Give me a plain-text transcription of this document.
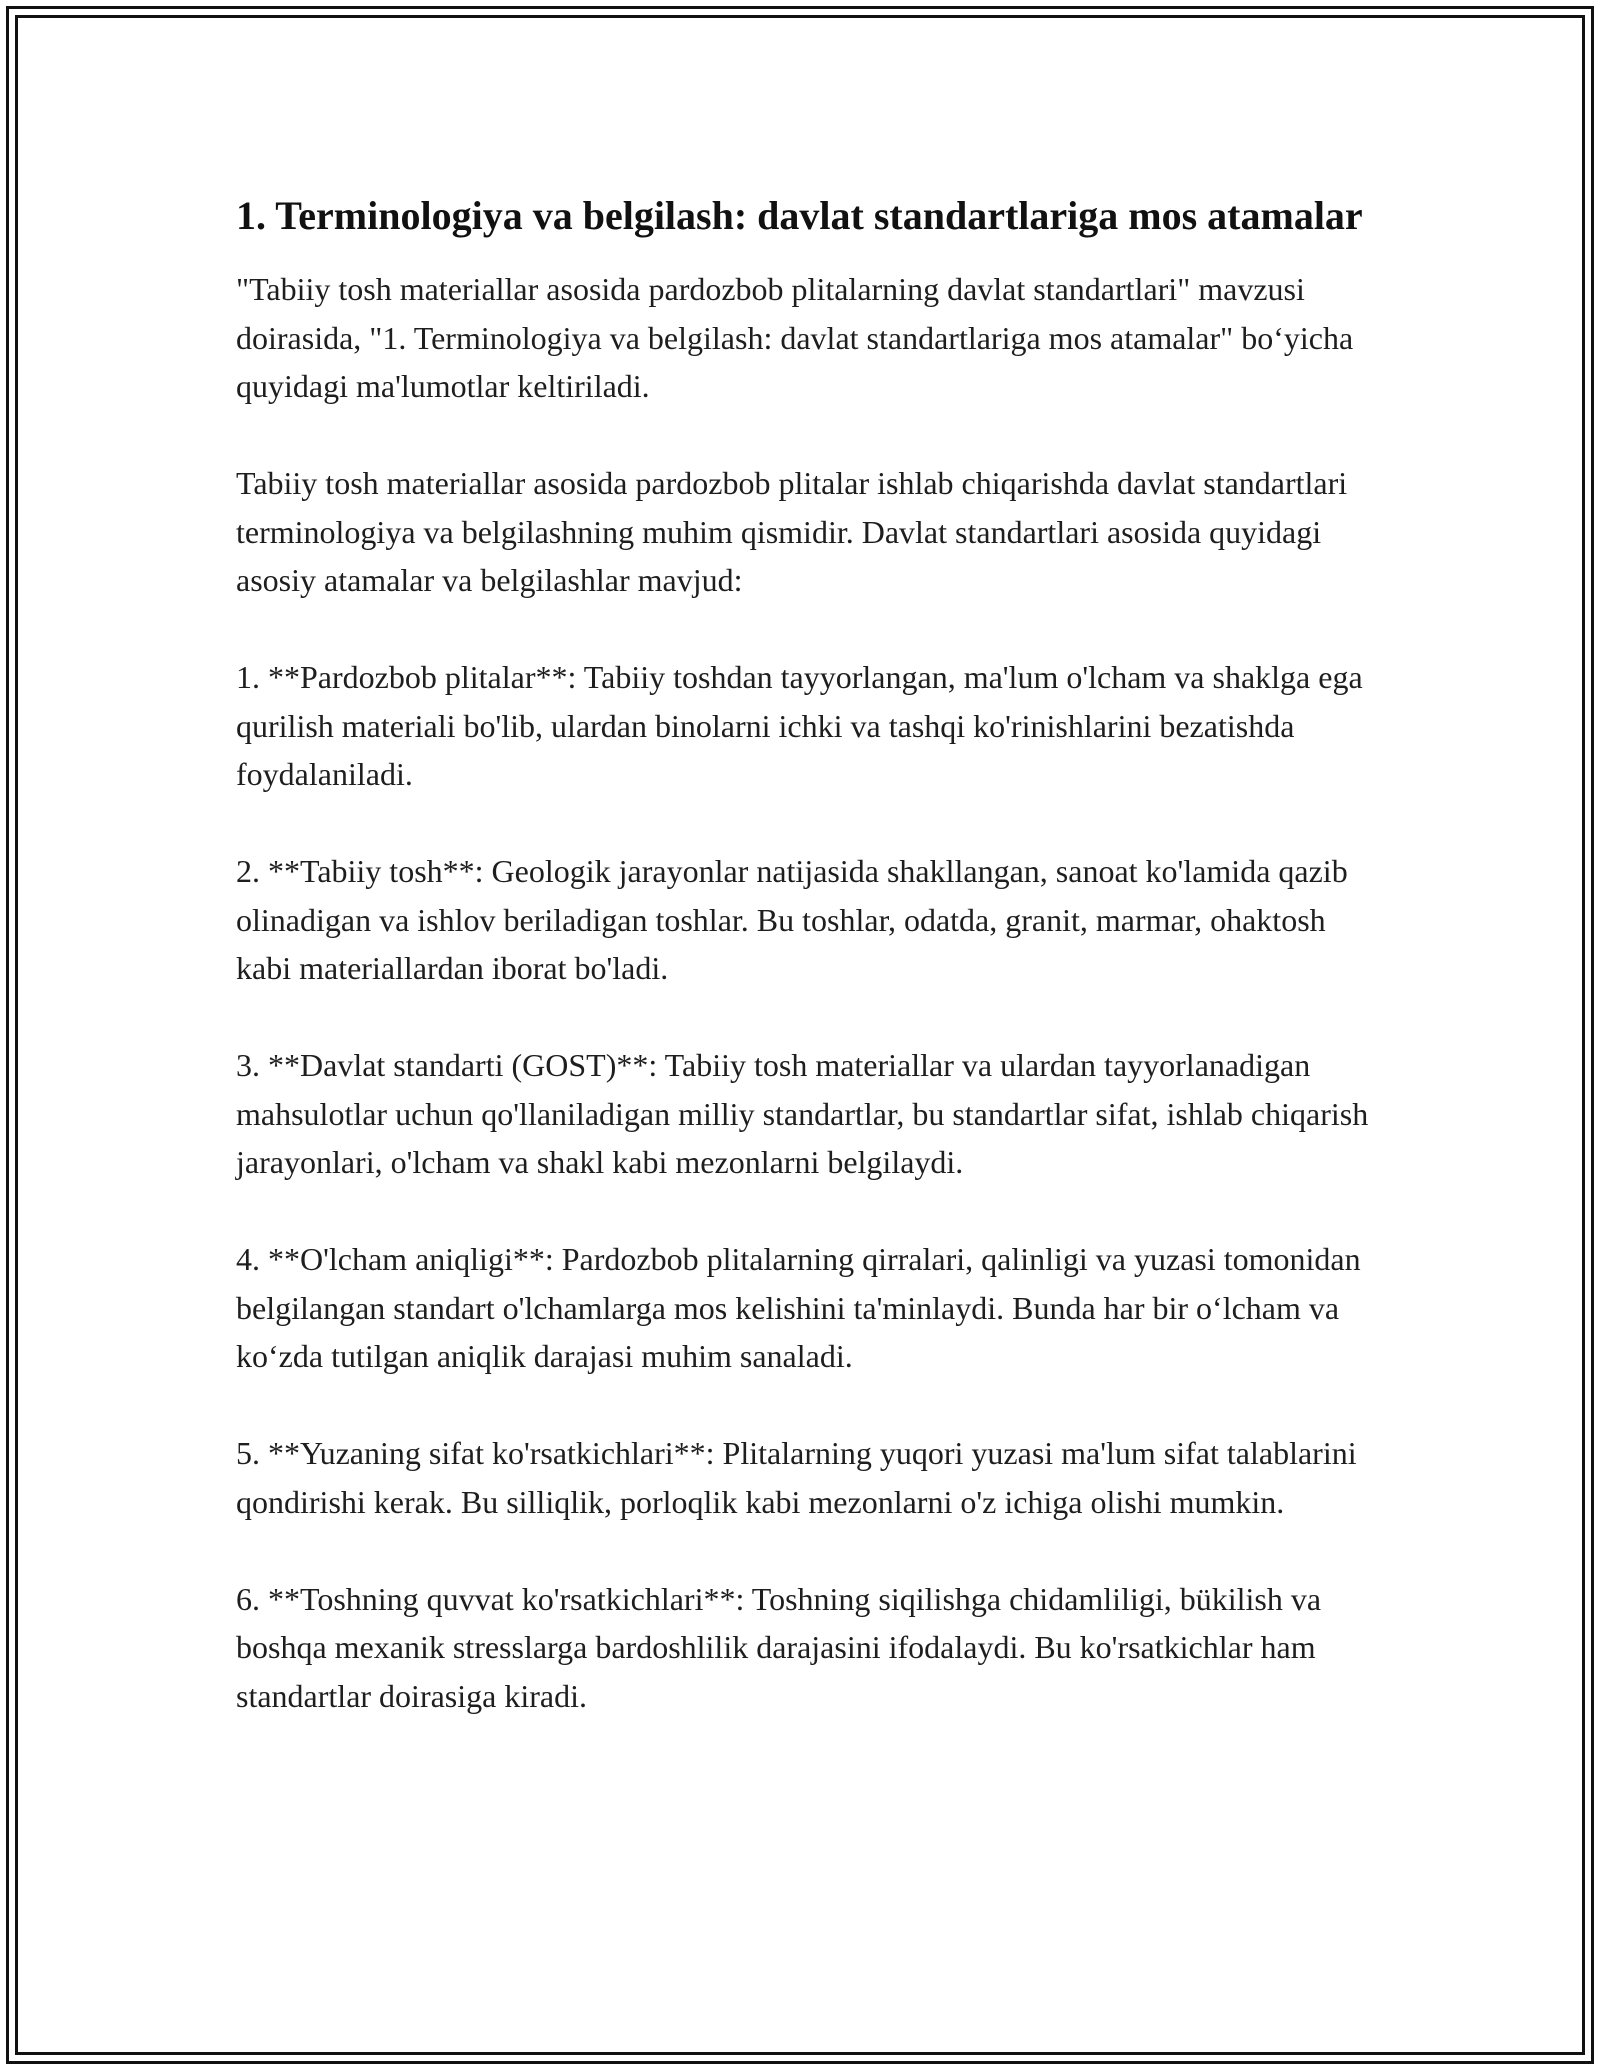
1. Terminologiya va belgilash: davlat standartlariga mos atamalar

"Tabiiy tosh materiallar asosida pardozbob plitalarning davlat standartlari" mavzusi doirasida, "1. Terminologiya va belgilash: davlat standartlariga mos atamalar" bo‘yicha quyidagi ma'lumotlar keltiriladi.

Tabiiy tosh materiallar asosida pardozbob plitalar ishlab chiqarishda davlat standartlari terminologiya va belgilashning muhim qismidir. Davlat standartlari asosida quyidagi asosiy atamalar va belgilashlar mavjud:

1. **Pardozbob plitalar**: Tabiiy toshdan tayyorlangan, ma'lum o'lcham va shaklga ega qurilish materiali bo'lib, ulardan binolarni ichki va tashqi ko'rinishlarini bezatishda foydalaniladi.

2. **Tabiiy tosh**: Geologik jarayonlar natijasida shakllangan, sanoat ko'lamida qazib olinadigan va ishlov beriladigan toshlar. Bu toshlar, odatda, granit, marmar, ohaktosh kabi materiallardan iborat bo'ladi.

3. **Davlat standarti (GOST)**: Tabiiy tosh materiallar va ulardan tayyorlanadigan mahsulotlar uchun qo'llaniladigan milliy standartlar, bu standartlar sifat, ishlab chiqarish jarayonlari, o'lcham va shakl kabi mezonlarni belgilaydi.

4. **O'lcham aniqligi**: Pardozbob plitalarning qirralari, qalinligi va yuzasi tomonidan belgilangan standart o'lchamlarga mos kelishini ta'minlaydi. Bunda har bir o‘lcham va ko‘zda tutilgan aniqlik darajasi muhim sanaladi.

5. **Yuzaning sifat ko'rsatkichlari**: Plitalarning yuqori yuzasi ma'lum sifat talablarini qondirishi kerak. Bu silliqlik, porloqlik kabi mezonlarni o'z ichiga olishi mumkin.

6. **Toshning quvvat ko'rsatkichlari**: Toshning siqilishga chidamliligi, bükilish va boshqa mexanik stresslarga bardoshlilik darajasini ifodalaydi. Bu ko'rsatkichlar ham standartlar doirasiga kiradi.
